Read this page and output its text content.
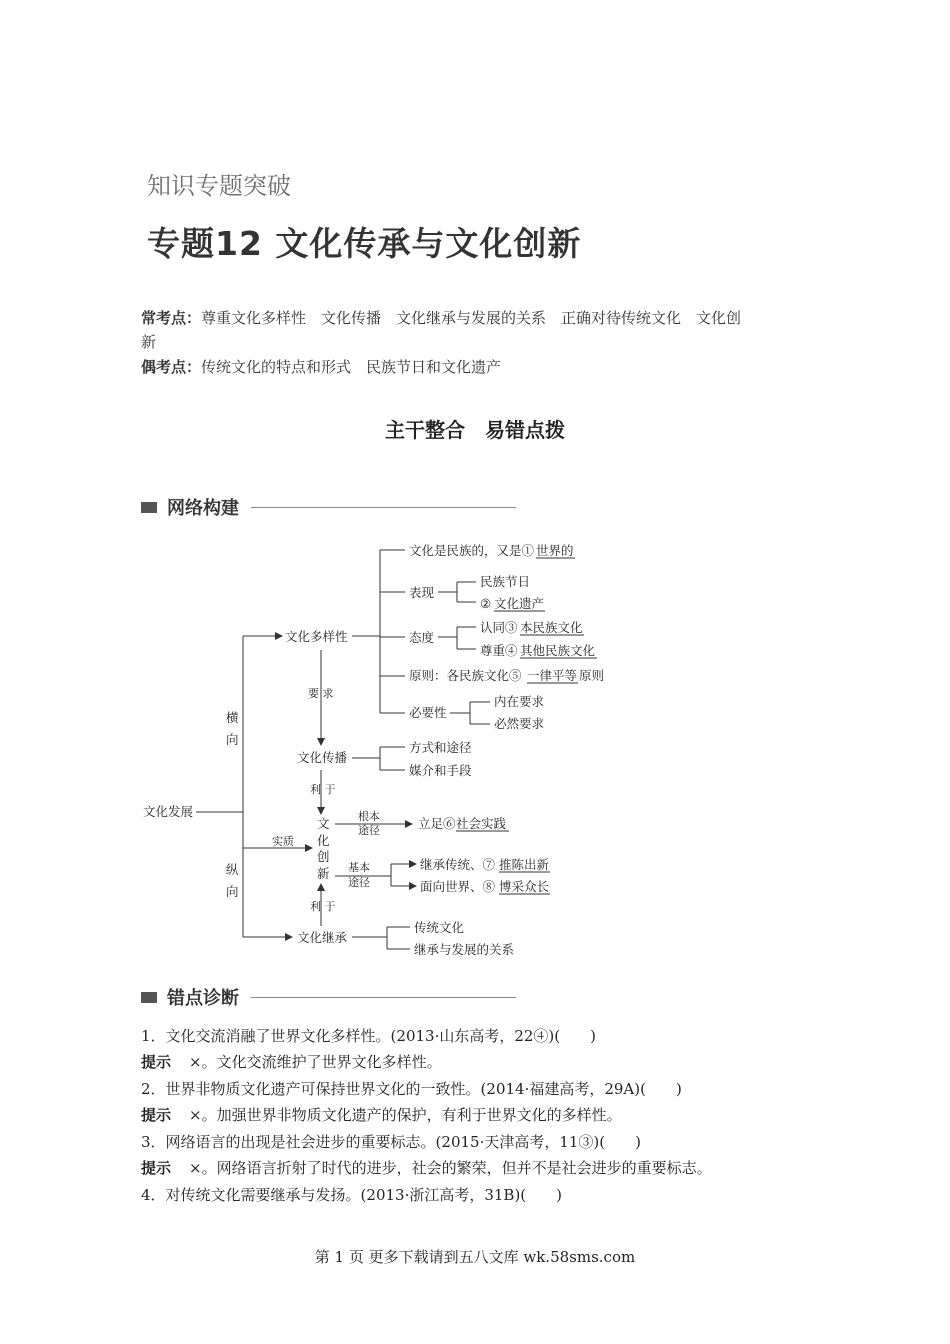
知识专题突破
专题12 文化传承与文化创新
常考点：尊重文化多样性　文化传播　文化继承与发展的关系　正确对待传统文化　文化创
新
偶考点：传统文化的特点和形式　民族节日和文化遗产
主干整合　易错点拨
网络构建
文化发展
横
向
纵
向
实质
文化多样性
文化是民族的，又是① 世界的
表现
民族节日
② 文化遗产
态度
认同③ 本民族文化
尊重④ 其他民族文化
原则：各民族文化⑤ 一律平等 原则
必要性
内在要求
必然要求
要 求
文化传播
方式和途径
媒介和手段
利 于
文
化
创
新
根本
途径	立足⑥ 社会实践
基本
途径
继承传统、⑦ 推陈出新
面向世界、⑧ 博采众长
利 于
文化继承
传统文化
继承与发展的关系
错点诊断
1．文化交流消融了世界文化多样性。(2013·山东高考，22④)(　　)
提示 ×。文化交流维护了世界文化多样性。
2．世界非物质文化遗产可保持世界文化的一致性。(2014·福建高考，29A)(　　)
提示 ×。加强世界非物质文化遗产的保护，有利于世界文化的多样性。
3．网络语言的出现是社会进步的重要标志。(2015·天津高考，11③)(　　)
提示 ×。网络语言折射了时代的进步，社会的繁荣，但并不是社会进步的重要标志。
4．对传统文化需要继承与发扬。(2013·浙江高考，31B)(　　)
第 1 页 更多下载请到五八文库 wk.58sms.com
